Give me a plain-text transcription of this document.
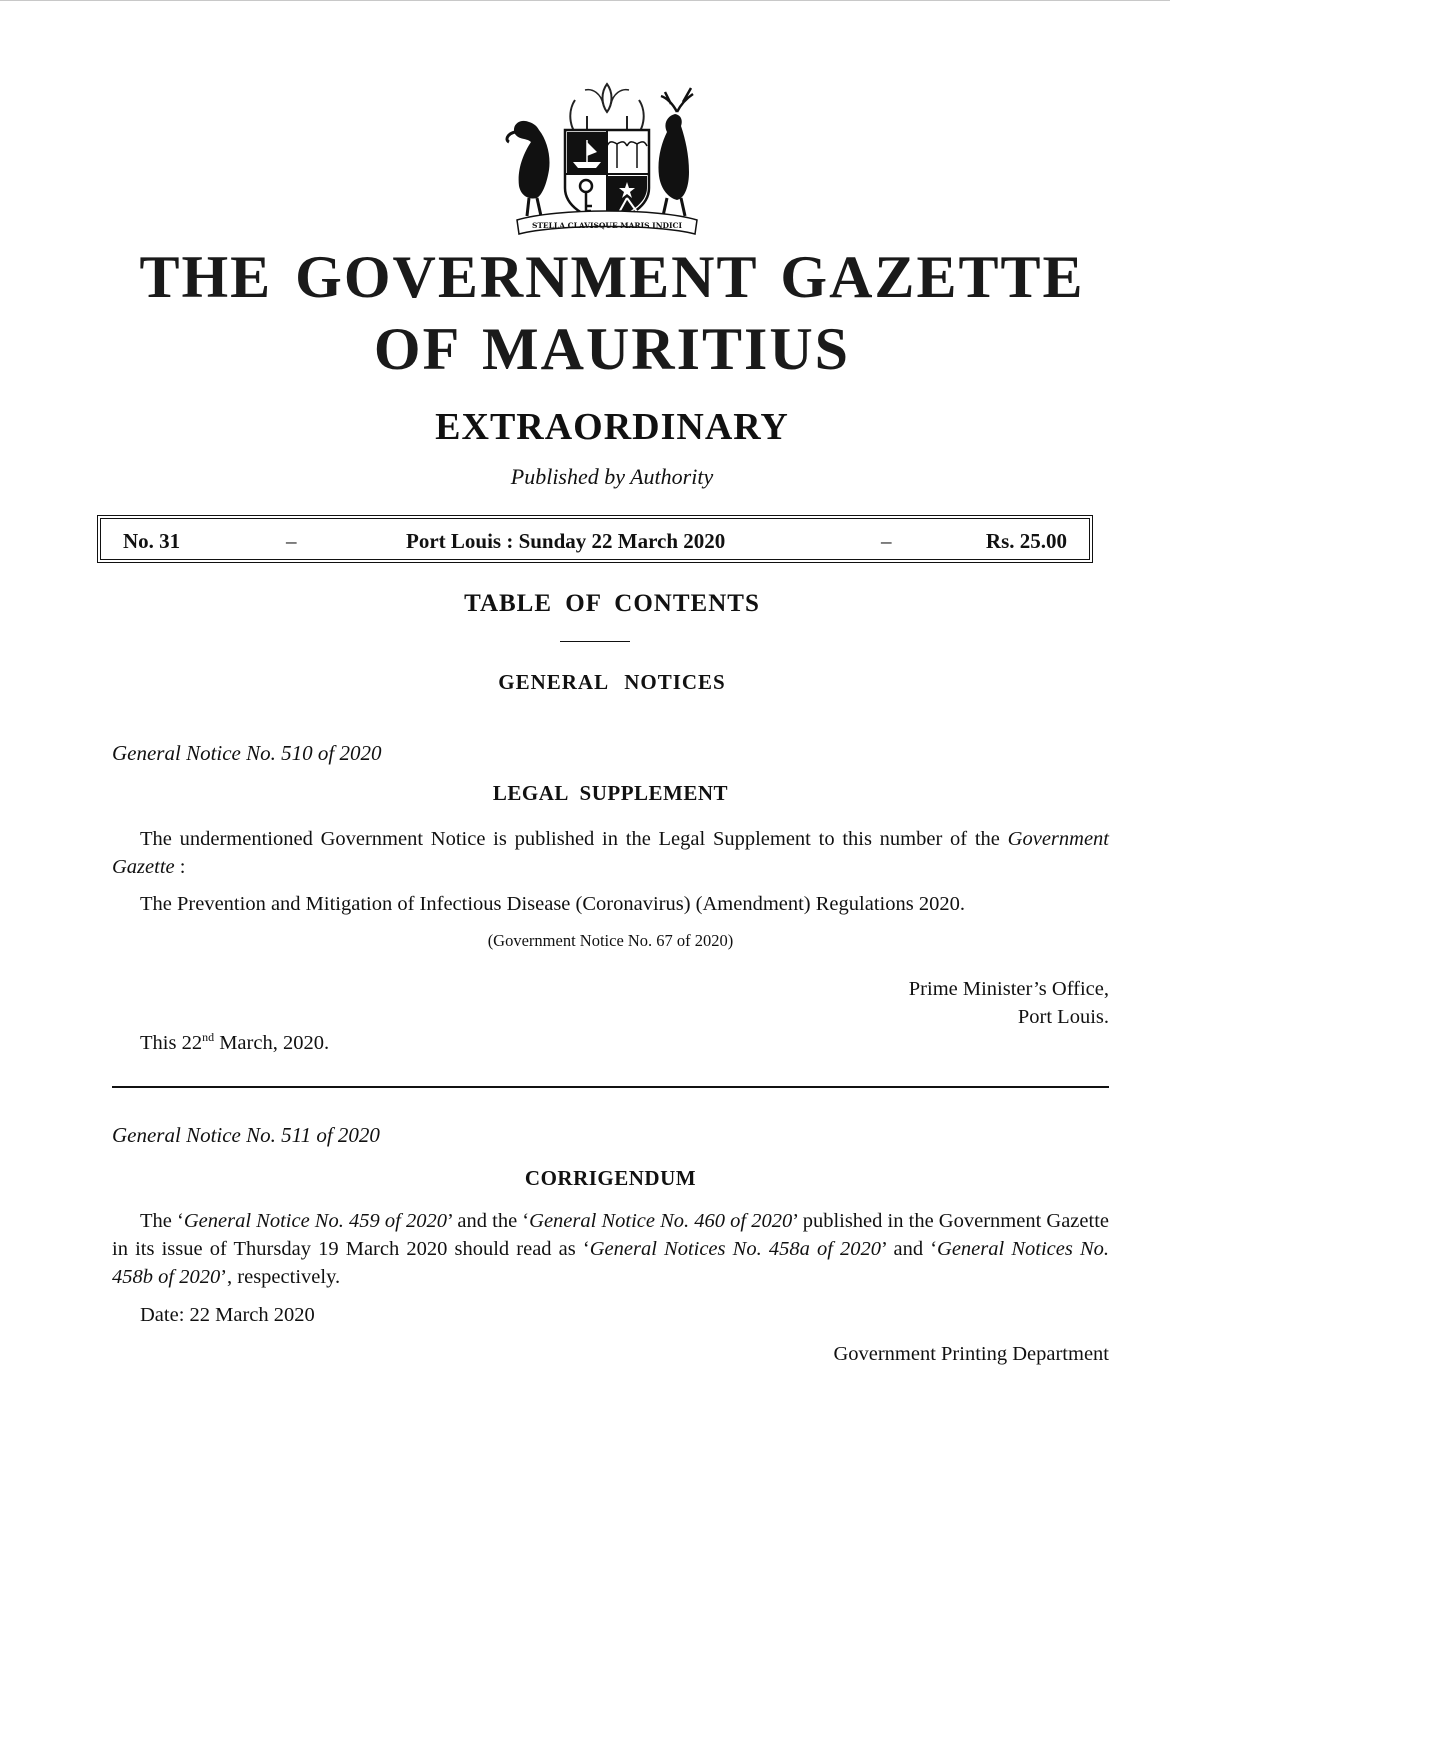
STELLA CLAVISQUE MARIS INDICI
THE GOVERNMENT GAZETTE
OF MAURITIUS
EXTRAORDINARY
Published by Authority
No. 31	–	Port Louis : Sunday 22 March 2020	–	Rs. 25.00
TABLE OF CONTENTS
GENERAL NOTICES
General Notice No. 510 of 2020
LEGAL SUPPLEMENT
The undermentioned Government Notice is published in the Legal Supplement to this number of the Government Gazette :
The Prevention and Mitigation of Infectious Disease (Coronavirus) (Amendment) Regulations 2020.
(Government Notice No. 67 of 2020)
Prime Minister’s Office,
Port Louis.
This 22nd March, 2020.
General Notice No. 511 of 2020
CORRIGENDUM
The ‘General Notice No. 459 of 2020’ and the ‘General Notice No. 460 of 2020’ published in the Government Gazette in its issue of Thursday 19 March 2020 should read as ‘General Notices No. 458a of 2020’ and ‘General Notices No. 458b of 2020’, respectively.
Date: 22 March 2020
Government Printing Department
